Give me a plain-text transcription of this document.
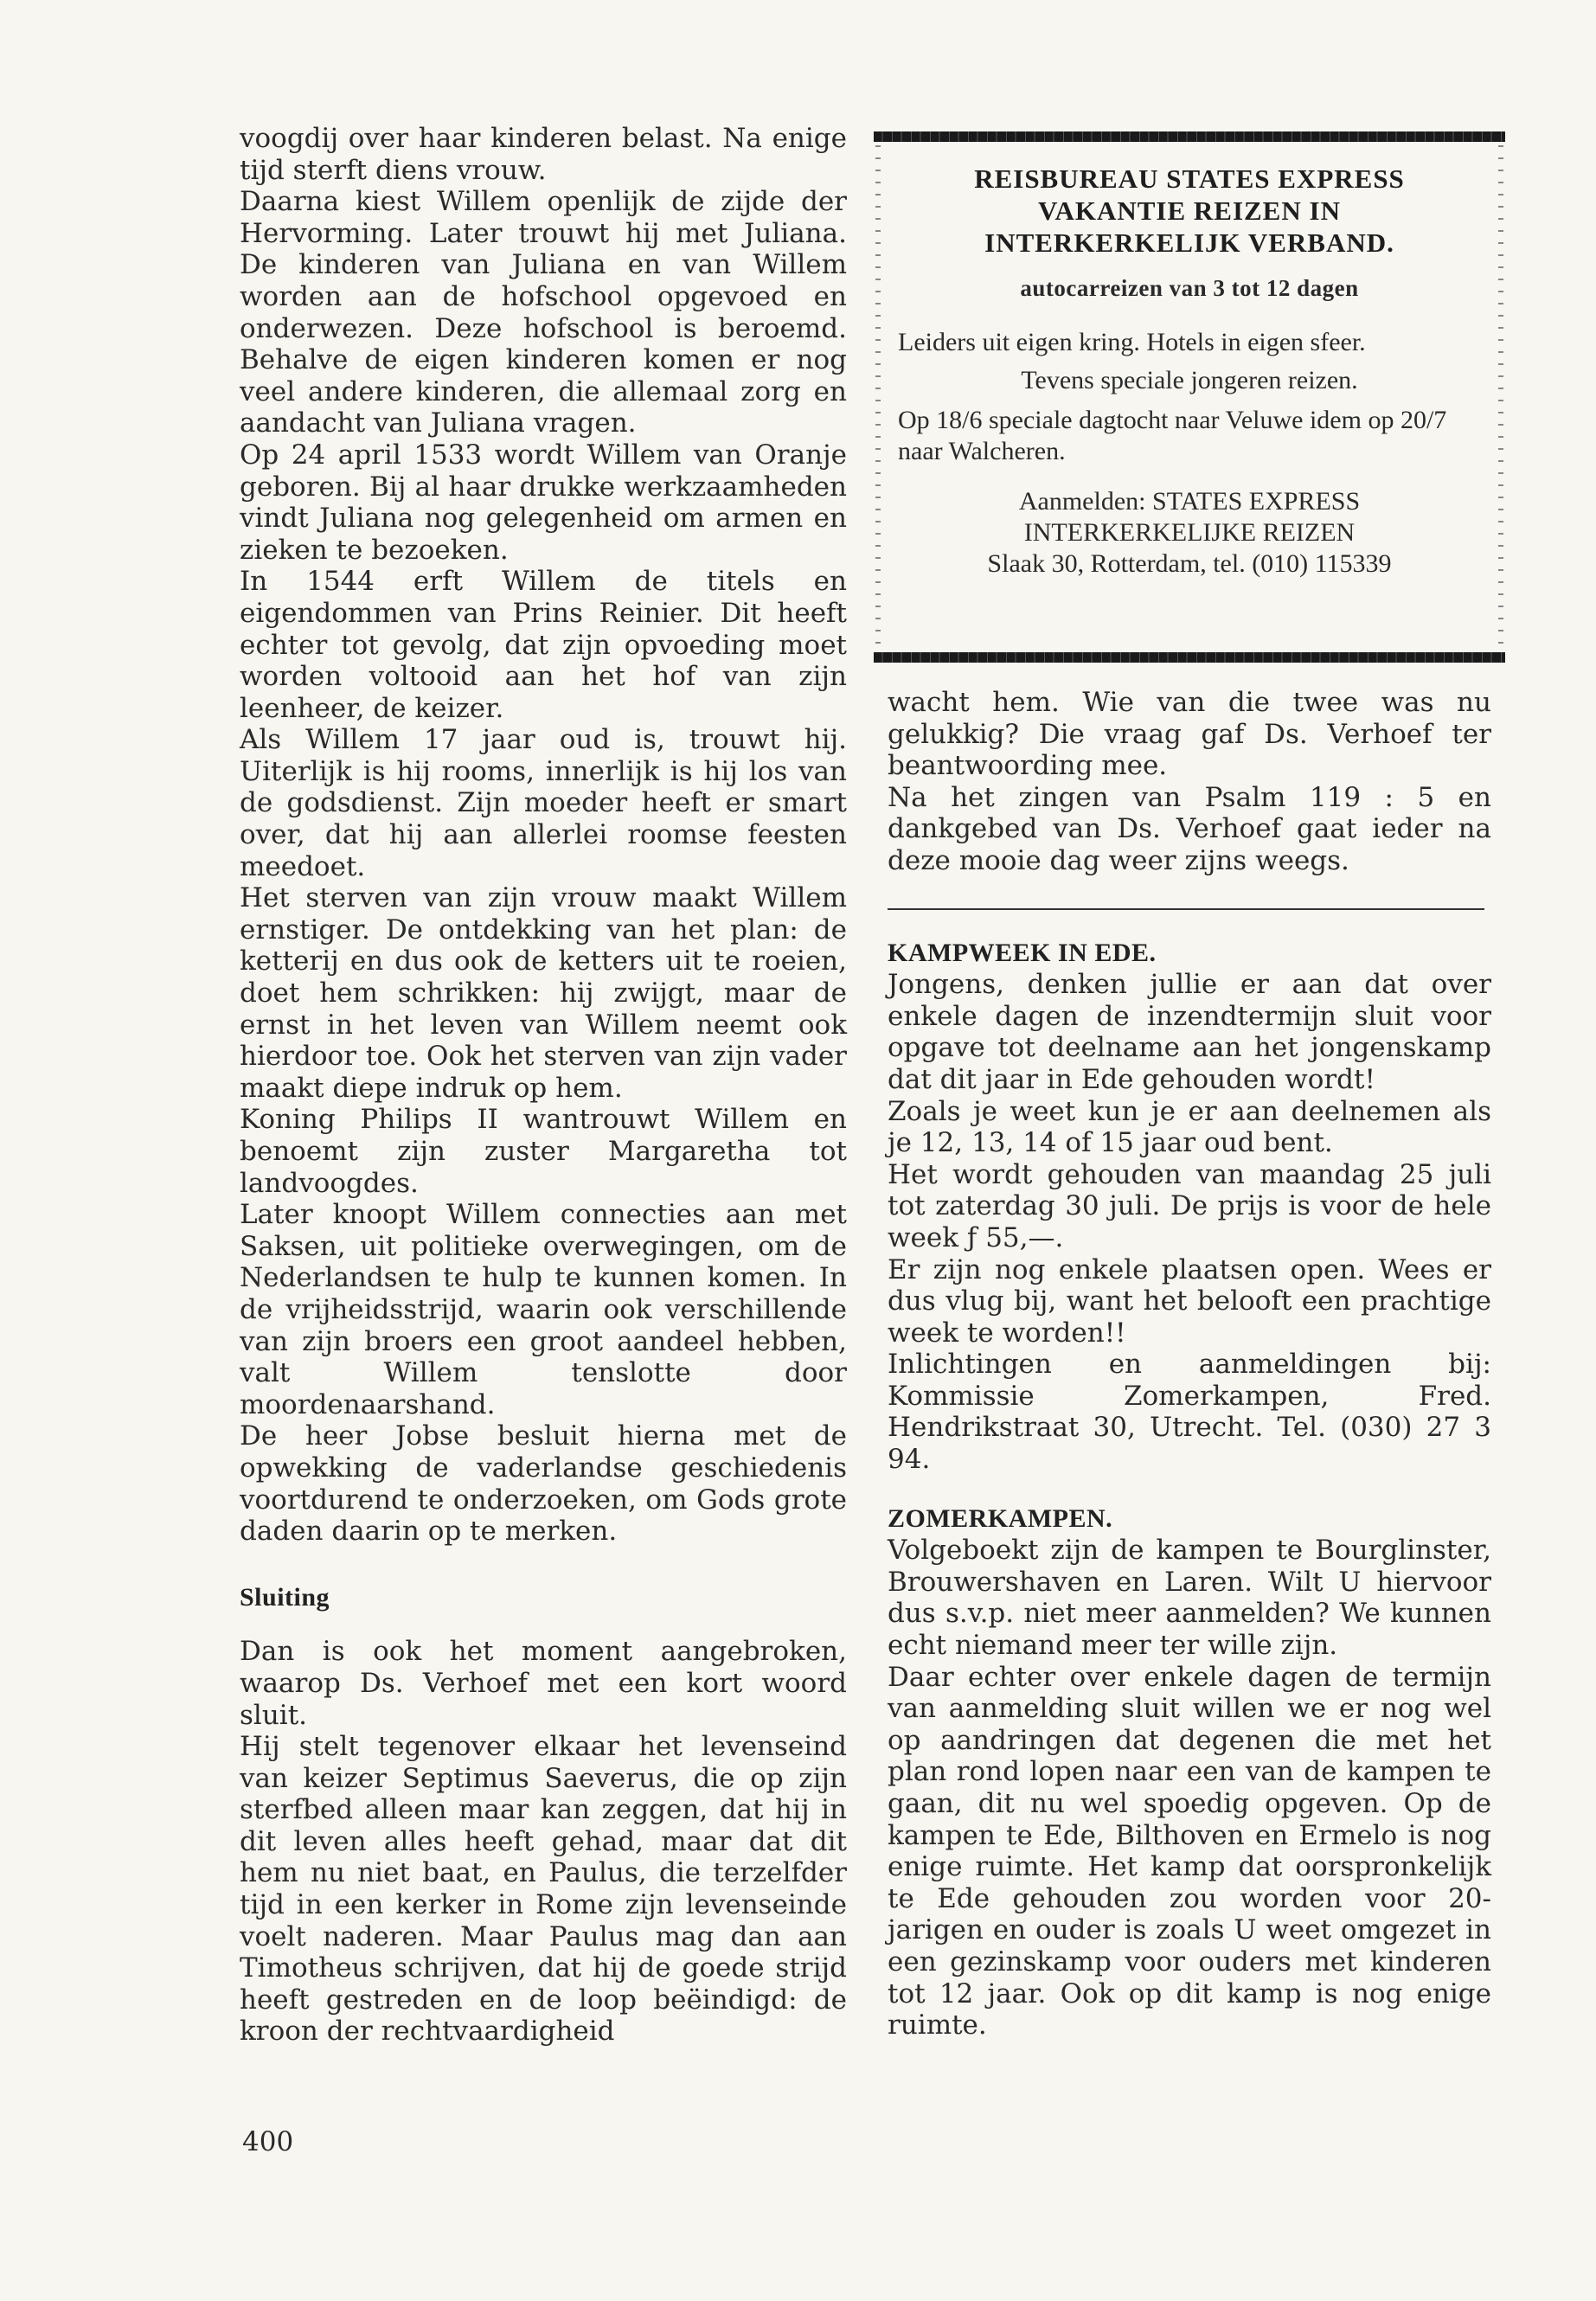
voogdij over haar kinderen belast. Na enige tijd sterft diens vrouw.

Daarna kiest Willem openlijk de zijde der Hervorming. Later trouwt hij met Juliana. De kinderen van Juliana en van Willem worden aan de hofschool opgevoed en onderwezen. Deze hofschool is beroemd. Behalve de eigen kinderen komen er nog veel andere kinderen, die allemaal zorg en aandacht van Juliana vragen.

Op 24 april 1533 wordt Willem van Oranje geboren. Bij al haar drukke werkzaamheden vindt Juliana nog gelegenheid om armen en zieken te bezoeken.

In 1544 erft Willem de titels en eigendommen van Prins Reinier. Dit heeft echter tot gevolg, dat zijn opvoeding moet worden voltooid aan het hof van zijn leenheer, de keizer.

Als Willem 17 jaar oud is, trouwt hij. Uiterlijk is hij rooms, innerlijk is hij los van de godsdienst. Zijn moeder heeft er smart over, dat hij aan allerlei roomse feesten meedoet.

Het sterven van zijn vrouw maakt Willem ernstiger. De ontdekking van het plan: de ketterij en dus ook de ketters uit te roeien, doet hem schrikken: hij zwijgt, maar de ernst in het leven van Willem neemt ook hierdoor toe. Ook het sterven van zijn vader maakt diepe indruk op hem.

Koning Philips II wantrouwt Willem en benoemt zijn zuster Margaretha tot landvoogdes.

Later knoopt Willem connecties aan met Saksen, uit politieke overwegingen, om de Nederlandsen te hulp te kunnen komen. In de vrijheidsstrijd, waarin ook verschillende van zijn broers een groot aandeel hebben, valt Willem tenslotte door moordenaarshand.

De heer Jobse besluit hierna met de opwekking de vaderlandse geschiedenis voortdurend te onderzoeken, om Gods grote daden daarin op te merken.

Sluiting

Dan is ook het moment aangebroken, waarop Ds. Verhoef met een kort woord sluit.

Hij stelt tegenover elkaar het levenseind van keizer Septimus Saeverus, die op zijn sterfbed alleen maar kan zeggen, dat hij in dit leven alles heeft gehad, maar dat dit hem nu niet baat, en Paulus, die terzelfder tijd in een kerker in Rome zijn levenseinde voelt naderen. Maar Paulus mag dan aan Timotheus schrijven, dat hij de goede strijd heeft gestreden en de loop beëindigd: de kroon der rechtvaardigheid

REISBUREAU STATES EXPRESS
VAKANTIE REIZEN IN
INTERKERKELIJK VERBAND.
autocarreizen van 3 tot 12 dagen
Leiders uit eigen kring. Hotels in eigen sfeer.
Tevens speciale jongeren reizen.
Op 18/6 speciale dagtocht naar Veluwe idem op 20/7 naar Walcheren.
Aanmelden: STATES EXPRESS
INTERKERKELIJKE REIZEN
Slaak 30, Rotterdam, tel. (010) 115339

wacht hem. Wie van die twee was nu gelukkig? Die vraag gaf Ds. Verhoef ter beantwoording mee.

Na het zingen van Psalm 119 : 5 en dankgebed van Ds. Verhoef gaat ieder na deze mooie dag weer zijns weegs.

KAMPWEEK IN EDE.

Jongens, denken jullie er aan dat over enkele dagen de inzendtermijn sluit voor opgave tot deelname aan het jongenskamp dat dit jaar in Ede gehouden wordt!

Zoals je weet kun je er aan deelnemen als je 12, 13, 14 of 15 jaar oud bent.

Het wordt gehouden van maandag 25 juli tot zaterdag 30 juli. De prijs is voor de hele week ƒ 55,—.

Er zijn nog enkele plaatsen open. Wees er dus vlug bij, want het belooft een prachtige week te worden!!

Inlichtingen en aanmeldingen bij: Kommissie Zomerkampen, Fred. Hendrikstraat 30, Utrecht. Tel. (030) 27 3 94.

ZOMERKAMPEN.

Volgeboekt zijn de kampen te Bourglinster, Brouwershaven en Laren. Wilt U hiervoor dus s.v.p. niet meer aanmelden? We kunnen echt niemand meer ter wille zijn.

Daar echter over enkele dagen de termijn van aanmelding sluit willen we er nog wel op aandringen dat degenen die met het plan rond lopen naar een van de kampen te gaan, dit nu wel spoedig opgeven. Op de kampen te Ede, Bilthoven en Ermelo is nog enige ruimte. Het kamp dat oorspronkelijk te Ede gehouden zou worden voor 20-jarigen en ouder is zoals U weet omgezet in een gezinskamp voor ouders met kinderen tot 12 jaar. Ook op dit kamp is nog enige ruimte.

400
